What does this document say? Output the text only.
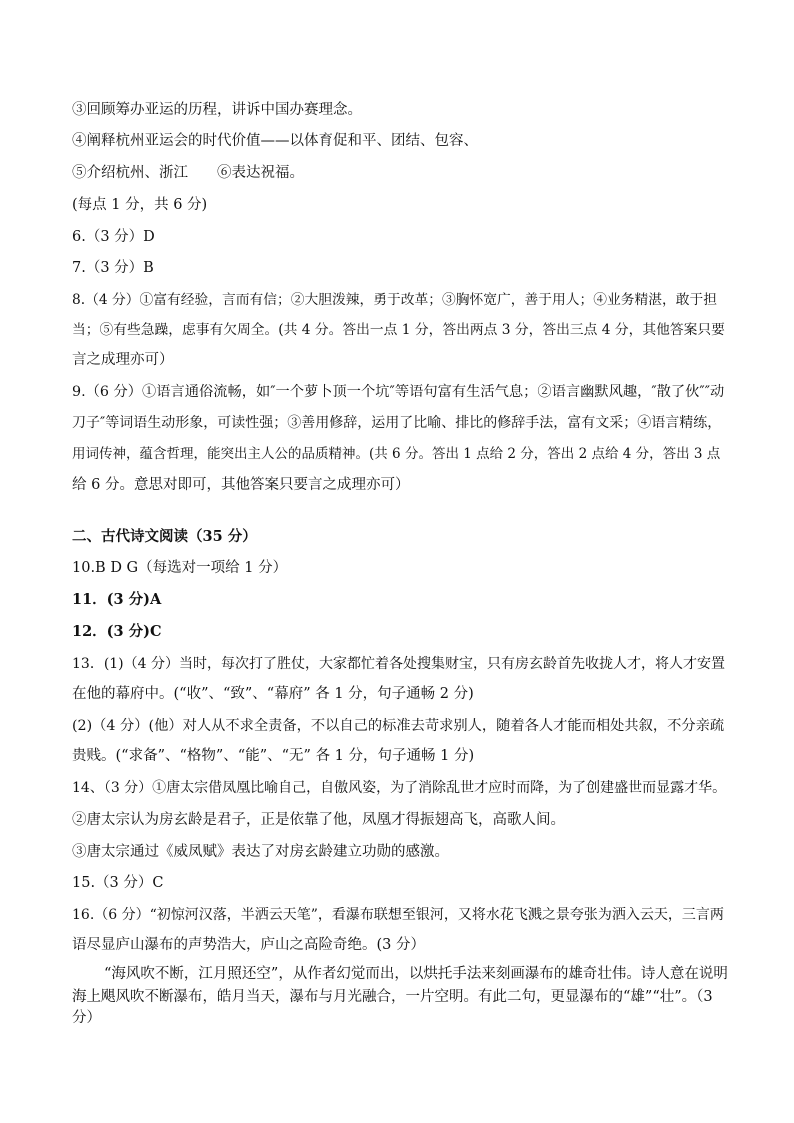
③回顾筹办亚运的历程，讲诉中国办赛理念。
④阐释杭州亚运会的时代价值——以体育促和平、团结、包容、
⑤介绍杭州、浙江　　⑥表达祝福。
(每点 1 分，共 6 分)
6.（3 分）D
7.（3 分）B
8.（4 分）①富有经验，言而有信；②大胆泼辣，勇于改革；③胸怀宽广，善于用人；④业务精湛，敢于担
当；⑤有些急躁，虑事有欠周全。(共 4 分。答出一点 1 分，答出两点 3 分，答出三点 4 分，其他答案只要
言之成理亦可）
9.（6 分）①语言通俗流畅，如″一个萝卜顶一个坑″等语句富有生活气息；②语言幽默风趣，″散了伙″″动
刀子″等词语生动形象，可读性强；③善用修辞，运用了比喻、排比的修辞手法，富有文采；④语言精练，
用词传神，蕴含哲理，能突出主人公的品质精神。(共 6 分。答出 1 点给 2 分，答出 2 点给 4 分，答出 3 点
给 6 分。意思对即可，其他答案只要言之成理亦可）
二、古代诗文阅读（35 分）
10.B D G（每选对一项给 1 分）
11．(3 分)A
12．(3 分)C
13．(1)（4 分）当时，每次打了胜仗，大家都忙着各处搜集财宝，只有房玄龄首先收拢人才，将人才安置
在他的幕府中。(“收”、“致”、“幕府” 各 1 分，句子通畅 2 分)
(2)（4 分）(他）对人从不求全责备，不以自己的标准去苛求别人，随着各人才能而相处共叙，不分亲疏
贵贱。(“求备”、“格物”、“能”、“无” 各 1 分，句子通畅 1 分)
14、（3 分）①唐太宗借凤凰比喻自己，自傲风姿，为了消除乱世才应时而降，为了创建盛世而显露才华。
②唐太宗认为房玄龄是君子，正是依靠了他，凤凰才得振翅高飞，高歌人间。
③唐太宗通过《威凤赋》表达了对房玄龄建立功勋的感激。
15.（3 分）C
16.（6 分）“初惊河汉落，半洒云天笔”，看瀑布联想至银河，又将水花飞溅之景夸张为洒入云天，三言两
语尽显庐山瀑布的声势浩大，庐山之高险奇绝。(3 分）
“海风吹不断，江月照还空”，从作者幻觉而出，以烘托手法来刻画瀑布的雄奇壮伟。诗人意在说明
海上飓风吹不断瀑布，皓月当天，瀑布与月光融合，一片空明。有此二句，更显瀑布的“雄”“壮”。（3
分）
